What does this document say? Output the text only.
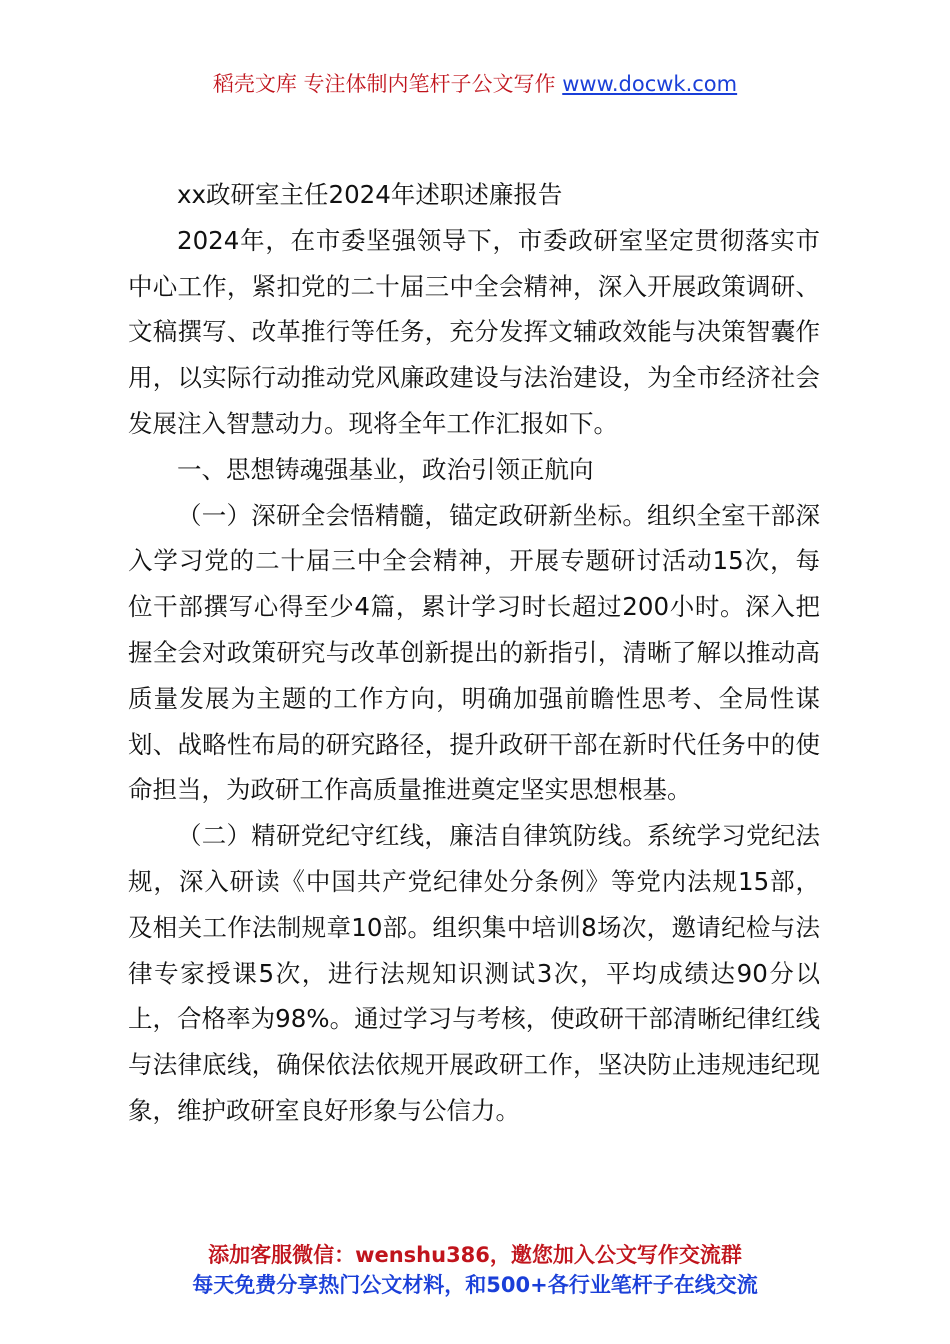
稻壳文库 专注体制内笔杆子公文写作 www.docwk.com

xx政研室主任2024年述职述廉报告

2024年，在市委坚强领导下，市委政研室坚定贯彻落实市中心工作，紧扣党的二十届三中全会精神，深入开展政策调研、文稿撰写、改革推行等任务，充分发挥文辅政效能与决策智囊作用，以实际行动推动党风廉政建设与法治建设，为全市经济社会发展注入智慧动力。现将全年工作汇报如下。

一、思想铸魂强基业，政治引领正航向

（一）深研全会悟精髓，锚定政研新坐标。组织全室干部深入学习党的二十届三中全会精神，开展专题研讨活动15次，每位干部撰写心得至少4篇，累计学习时长超过200小时。深入把握全会对政策研究与改革创新提出的新指引，清晰了解以推动高质量发展为主题的工作方向，明确加强前瞻性思考、全局性谋划、战略性布局的研究路径，提升政研干部在新时代任务中的使命担当，为政研工作高质量推进奠定坚实思想根基。

（二）精研党纪守红线，廉洁自律筑防线。系统学习党纪法规，深入研读《中国共产党纪律处分条例》等党内法规15部，及相关工作法制规章10部。组织集中培训8场次，邀请纪检与法律专家授课5次，进行法规知识测试3次，平均成绩达90分以上，合格率为98%。通过学习与考核，使政研干部清晰纪律红线与法律底线，确保依法依规开展政研工作，坚决防止违规违纪现象，维护政研室良好形象与公信力。

添加客服微信：wenshu386，邀您加入公文写作交流群
每天免费分享热门公文材料，和500+各行业笔杆子在线交流
